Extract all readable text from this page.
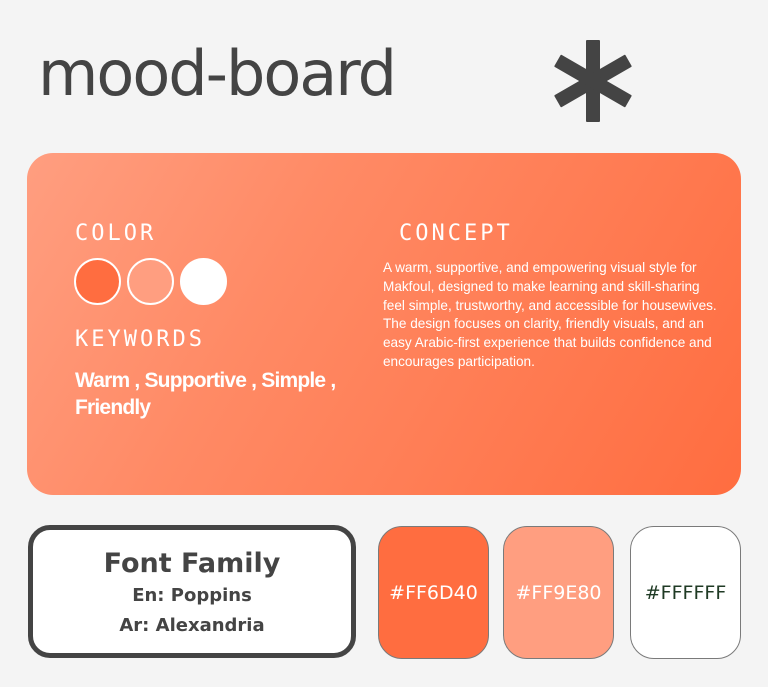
mood-board
COLOR
KEYWORDS
Warm , Supportive , Simple , Friendly
CONCEPT
A warm, supportive, and empowering visual style for Makfoul, designed to make learning and skill-sharing feel simple, trustworthy, and accessible for housewives. The design focuses on clarity, friendly visuals, and an easy Arabic-first experience that builds confidence and encourages participation.
Font Family
En: Poppins
Ar: Alexandria
#FF6D40	#FF9E80	#FFFFFF
